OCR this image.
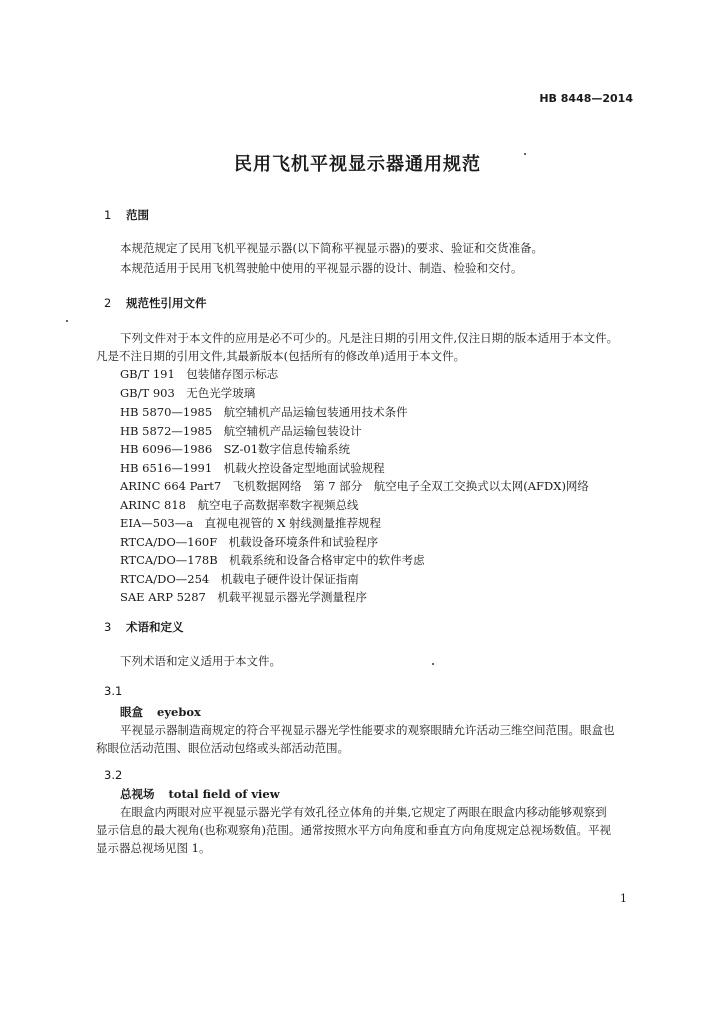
HB 8448—2014
民用飞机平视显示器通用规范
1 范围
本规范规定了民用飞机平视显示器(以下简称平视显示器)的要求、验证和交货准备。
本规范适用于民用飞机驾驶舱中使用的平视显示器的设计、制造、检验和交付。
2 规范性引用文件
下列文件对于本文件的应用是必不可少的。凡是注日期的引用文件,仅注日期的版本适用于本文件。
凡是不注日期的引用文件,其最新版本(包括所有的修改单)适用于本文件。
GB/T 191　包装储存图示标志
GB/T 903　无色光学玻璃
HB 5870—1985　航空辅机产品运输包装通用技术条件
HB 5872—1985　航空辅机产品运输包装设计
HB 6096—1986　SZ-01数字信息传输系统
HB 6516—1991　机载火控设备定型地面试验规程
ARINC 664 Part7　飞机数据网络　第 7 部分　航空电子全双工交换式以太网(AFDX)网络
ARINC 818　航空电子高数据率数字视频总线
EIA—503—a　直视电视管的 X 射线测量推荐规程
RTCA/DO—160F　机载设备环境条件和试验程序
RTCA/DO—178B　机载系统和设备合格审定中的软件考虑
RTCA/DO—254　机载电子硬件设计保证指南
SAE ARP 5287　机载平视显示器光学测量程序
3 术语和定义
下列术语和定义适用于本文件。
3.1
眼盒 eyebox
平视显示器制造商规定的符合平视显示器光学性能要求的观察眼睛允许活动三维空间范围。眼盒也
称眼位活动范围、眼位活动包络或头部活动范围。
3.2
总视场 total field of view
在眼盒内两眼对应平视显示器光学有效孔径立体角的并集,它规定了两眼在眼盒内移动能够观察到
显示信息的最大视角(也称观察角)范围。通常按照水平方向角度和垂直方向角度规定总视场数值。平视
显示器总视场见图 1。
1
